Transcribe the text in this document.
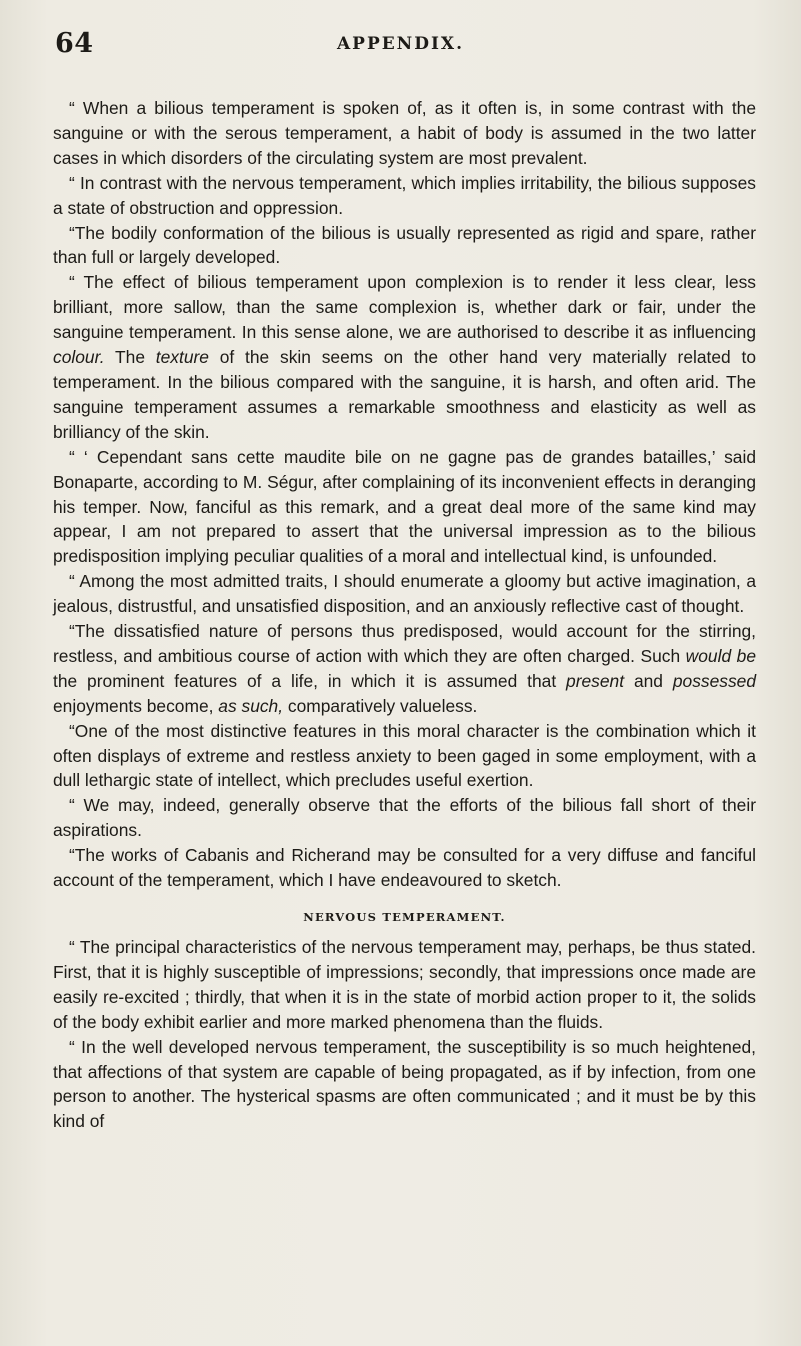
64	APPENDIX.

“ When a bilious temperament is spoken of, as it often is, in some contrast with the sanguine or with the serous temperament, a habit of body is assumed in the two latter cases in which disorders of the circulating system are most prevalent.

“ In contrast with the nervous temperament, which implies irritability, the bilious supposes a state of obstruction and oppression.

“The bodily conformation of the bilious is usually represented as rigid and spare, rather than full or largely developed.

“ The effect of bilious temperament upon complexion is to render it less clear, less brilliant, more sallow, than the same complexion is, whether dark or fair, under the sanguine temperament. In this sense alone, we are authorised to describe it as influencing colour. The texture of the skin seems on the other hand very materially related to temperament. In the bilious compared with the sanguine, it is harsh, and often arid. The sanguine temperament assumes a remarkable smoothness and elasticity as well as brilliancy of the skin.

“ ‘ Cependant sans cette maudite bile on ne gagne pas de grandes batailles,’ said Bonaparte, according to M. Ségur, after complaining of its inconvenient effects in deranging his temper. Now, fanciful as this remark, and a great deal more of the same kind may appear, I am not prepared to assert that the universal impression as to the bilious predisposition implying peculiar qualities of a moral and intellectual kind, is unfounded.

“ Among the most admitted traits, I should enumerate a gloomy but active imagination, a jealous, distrustful, and unsatisfied disposition, and an anxiously reflective cast of thought.

“The dissatisfied nature of persons thus predisposed, would account for the stirring, restless, and ambitious course of action with which they are often charged. Such would be the prominent features of a life, in which it is assumed that present and possessed enjoyments become, as such, comparatively valueless.

“One of the most distinctive features in this moral character is the combination which it often displays of extreme and restless anxiety to been gaged in some employment, with a dull lethargic state of intellect, which precludes useful exertion.

“ We may, indeed, generally observe that the efforts of the bilious fall short of their aspirations.

“The works of Cabanis and Richerand may be consulted for a very diffuse and fanciful account of the temperament, which I have endeavoured to sketch.

NERVOUS TEMPERAMENT.

“ The principal characteristics of the nervous temperament may, perhaps, be thus stated. First, that it is highly susceptible of impressions; secondly, that impressions once made are easily re-excited ; thirdly, that when it is in the state of morbid action proper to it, the solids of the body exhibit earlier and more marked phenomena than the fluids.

“ In the well developed nervous temperament, the susceptibility is so much heightened, that affections of that system are capable of being propagated, as if by infection, from one person to another. The hysterical spasms are often communicated ; and it must be by this kind of
